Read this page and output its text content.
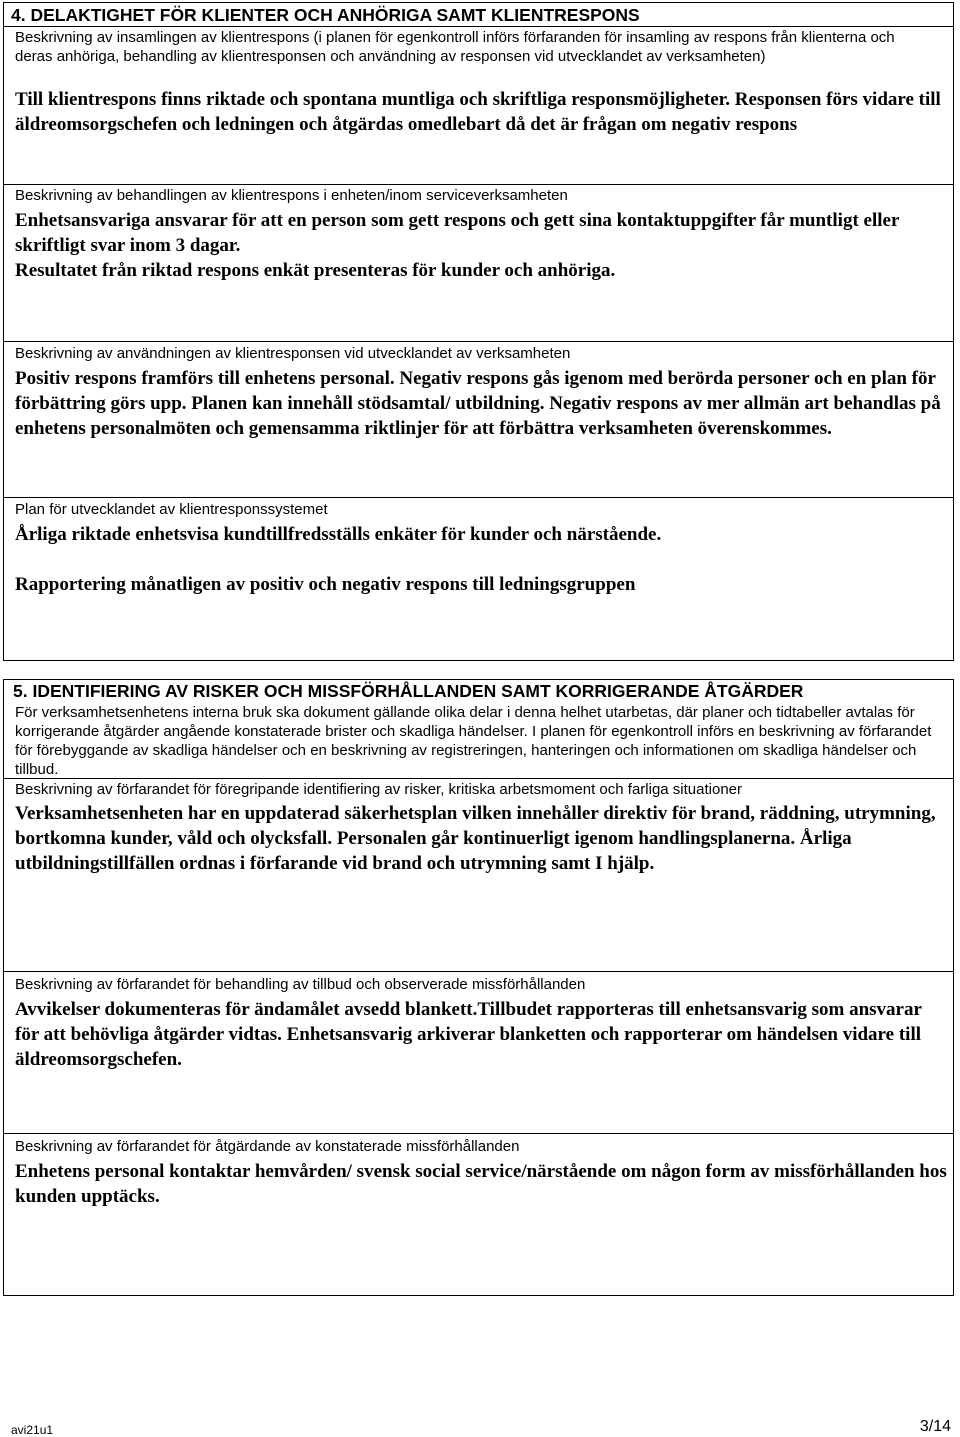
4. DELAKTIGHET FÖR KLIENTER OCH ANHÖRIGA SAMT KLIENTRESPONS
Beskrivning av insamlingen av klientrespons (i planen för egenkontroll införs förfaranden för insamling av respons från klienterna och deras anhöriga, behandling av klientresponsen och användning av responsen vid utvecklandet av verksamheten)
Till klientrespons finns riktade och spontana muntliga och skriftliga responsmöjligheter. Responsen förs vidare till äldreomsorgschefen och ledningen och åtgärdas omedlebart då det är frågan om negativ respons
Beskrivning av behandlingen av klientrespons i enheten/inom serviceverksamheten
Enhetsansvariga ansvarar för att en person som gett respons och gett sina kontaktuppgifter får muntligt eller skriftligt svar inom 3 dagar.
Resultatet från riktad respons enkät presenteras för kunder och anhöriga.
Beskrivning av användningen av klientresponsen vid utvecklandet av verksamheten
Positiv respons framförs till enhetens personal. Negativ respons gås igenom med berörda personer och en plan för förbättring görs upp. Planen kan innehåll stödsamtal/ utbildning. Negativ respons av mer allmän art behandlas på enhetens personalmöten och gemensamma riktlinjer för att förbättra verksamheten överenskommes.
Plan för utvecklandet av klientresponssystemet
Årliga riktade enhetsvisa kundtillfredsställs enkäter för kunder och närstående.
Rapportering månatligen av positiv och negativ respons till ledningsgruppen
5. IDENTIFIERING AV RISKER OCH MISSFÖRHÅLLANDEN SAMT KORRIGERANDE ÅTGÄRDER
För verksamhetsenhetens interna bruk ska dokument gällande olika delar i denna helhet utarbetas, där planer och tidtabeller avtalas för korrigerande åtgärder angående konstaterade brister och skadliga händelser. I planen för egenkontroll införs en beskrivning av förfarandet för förebyggande av skadliga händelser och en beskrivning av registreringen, hanteringen och informationen om skadliga händelser och tillbud.
Beskrivning av förfarandet för föregripande identifiering av risker, kritiska arbetsmoment och farliga situationer
Verksamhetsenheten har en uppdaterad säkerhetsplan vilken innehåller direktiv för brand, räddning, utrymning, bortkomna kunder, våld och olycksfall. Personalen går kontinuerligt igenom handlingsplanerna. Årliga utbildningstillfällen ordnas i förfarande vid brand och utrymning samt I hjälp.
Beskrivning av förfarandet för behandling av tillbud och observerade missförhållanden
Avvikelser dokumenteras för ändamålet avsedd blankett.Tillbudet rapporteras till enhetsansvarig som ansvarar för att behövliga åtgärder vidtas. Enhetsansvarig arkiverar blanketten och rapporterar om händelsen vidare till äldreomsorgschefen.
Beskrivning av förfarandet för åtgärdande av konstaterade missförhållanden
Enhetens personal kontaktar hemvården/ svensk social service/närstående om någon form av missförhållanden hos kunden upptäcks.
avi21u1	3/14
